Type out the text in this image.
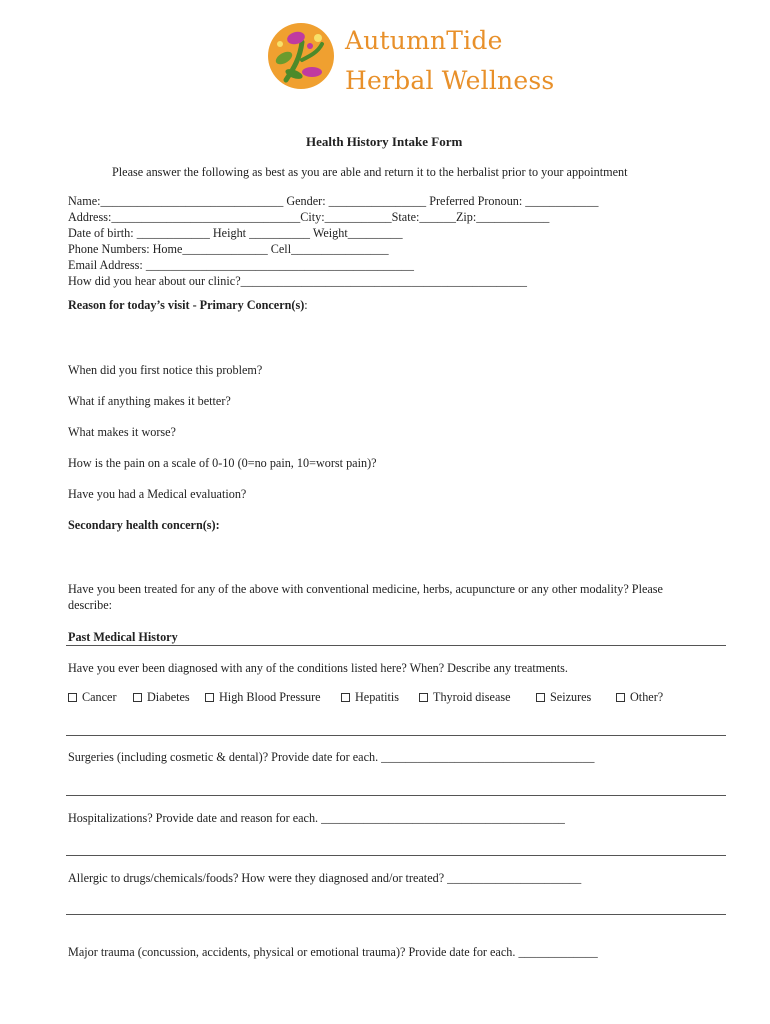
AutumnTide
Herbal Wellness
Health History Intake Form
Please answer the following as best as you are able and return it to the herbalist prior to your appointment
Name:______________________________ Gender: ________________ Preferred Pronoun: ____________
Address:_______________________________City:___________State:______Zip:____________
Date of birth: ____________ Height __________ Weight_________
Phone Numbers: Home______________ Cell________________
Email Address: ____________________________________________
How did you hear about our clinic?_______________________________________________
Reason for today’s visit - Primary Concern(s):
When did you first notice this problem?
What if anything makes it better?
What makes it worse?
How is the pain on a scale of 0-10 (0=no pain, 10=worst pain)?
Have you had a Medical evaluation?
Secondary health concern(s):
Have you been treated for any of the above with conventional medicine, herbs, acupuncture or any other modality? Please
describe:
Past Medical History
Have you ever been diagnosed with any of the conditions listed here? When? Describe any treatments.
Cancer Diabetes High Blood Pressure	Hepatitis	Thyroid disease	Seizures	Other?
Surgeries (including cosmetic & dental)? Provide date for each. ___________________________________
Hospitalizations? Provide date and reason for each. ________________________________________
Allergic to drugs/chemicals/foods? How were they diagnosed and/or treated? ______________________
Major trauma (concussion, accidents, physical or emotional trauma)? Provide date for each. _____________
